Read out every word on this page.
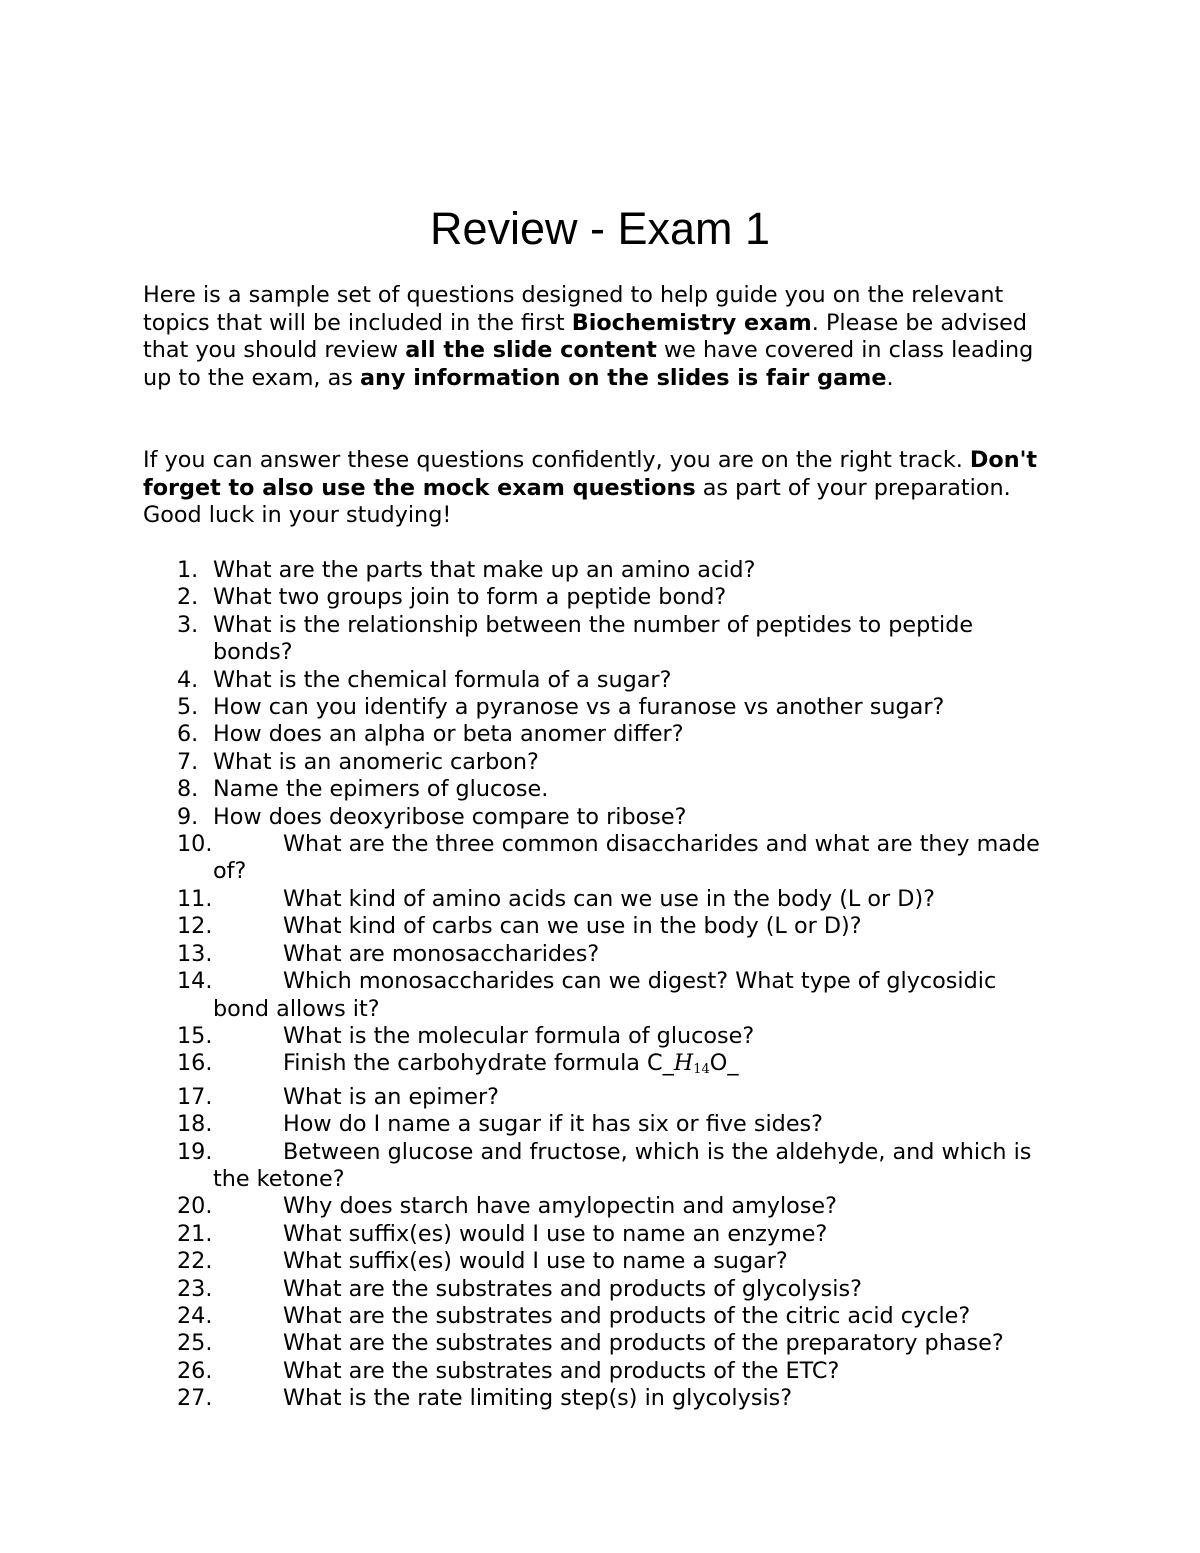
Review - Exam 1

Here is a sample set of questions designed to help guide you on the relevant topics that will be included in the first Biochemistry exam. Please be advised that you should review all the slide content we have covered in class leading up to the exam, as any information on the slides is fair game.

If you can answer these questions confidently, you are on the right track. Don't forget to also use the mock exam questions as part of your preparation. Good luck in your studying!

1. What are the parts that make up an amino acid?
2. What two groups join to form a peptide bond?
3. What is the relationship between the number of peptides to peptide bonds?
4. What is the chemical formula of a sugar?
5. How can you identify a pyranose vs a furanose vs another sugar?
6. How does an alpha or beta anomer differ?
7. What is an anomeric carbon?
8. Name the epimers of glucose.
9. How does deoxyribose compare to ribose?
10.	What are the three common disaccharides and what are they made of?
11.	What kind of amino acids can we use in the body (L or D)?
12.	What kind of carbs can we use in the body (L or D)?
13.	What are monosaccharides?
14.	Which monosaccharides can we digest? What type of glycosidic bond allows it?
15.	What is the molecular formula of glucose?
16.	Finish the carbohydrate formula $C\_H_{14}O\_$
17.	What is an epimer?
18.	How do I name a sugar if it has six or five sides?
19.	Between glucose and fructose, which is the aldehyde, and which is the ketone?
20.	Why does starch have amylopectin and amylose?
21.	What suffix(es) would I use to name an enzyme?
22.	What suffix(es) would I use to name a sugar?
23.	What are the substrates and products of glycolysis?
24.	What are the substrates and products of the citric acid cycle?
25.	What are the substrates and products of the preparatory phase?
26.	What are the substrates and products of the ETC?
27.	What is the rate limiting step(s) in glycolysis?
